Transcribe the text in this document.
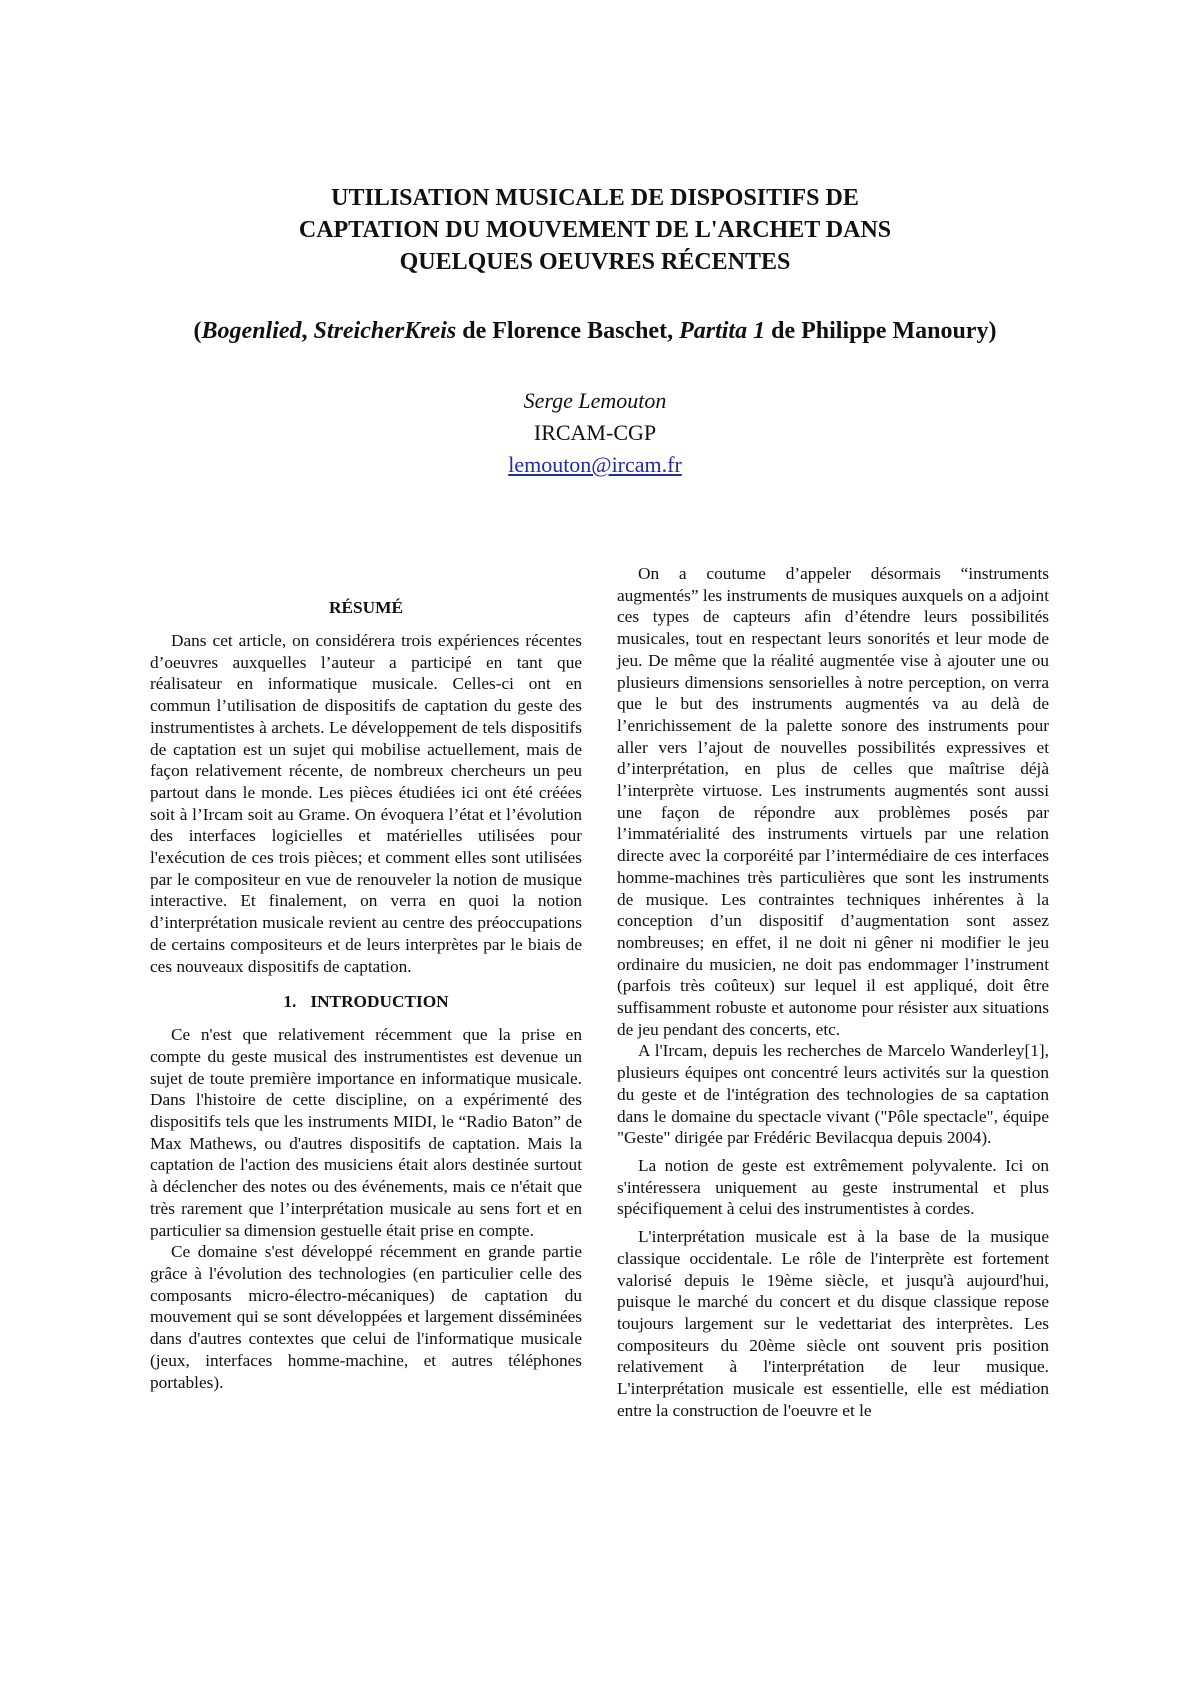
UTILISATION MUSICALE DE DISPOSITIFS DE
CAPTATION DU MOUVEMENT DE L'ARCHET DANS
QUELQUES OEUVRES RÉCENTES
(Bogenlied, StreicherKreis de Florence Baschet, Partita 1 de Philippe Manoury)
Serge Lemouton
IRCAM-CGP
lemouton@ircam.fr
RÉSUMÉ

Dans cet article, on considérera trois expériences récentes d’oeuvres auxquelles l’auteur a participé en tant que réalisateur en informatique musicale. Celles-ci ont en commun l’utilisation de dispositifs de captation du geste des instrumentistes à archets. Le développement de tels dispositifs de captation est un sujet qui mobilise actuellement, mais de façon relativement récente, de nombreux chercheurs un peu partout dans le monde. Les pièces étudiées ici ont été créées soit à l’Ircam soit au Grame. On évoquera l’état et l’évolution des interfaces logicielles et matérielles utilisées pour l'exécution de ces trois pièces; et comment elles sont utilisées par le compositeur en vue de renouveler la notion de musique interactive. Et finalement, on verra en quoi la notion d’interprétation musicale revient au centre des préoccupations de certains compositeurs et de leurs interprètes par le biais de ces nouveaux dispositifs de captation.

1. INTRODUCTION

Ce n'est que relativement récemment que la prise en compte du geste musical des instrumentistes est devenue un sujet de toute première importance en informatique musicale. Dans l'histoire de cette discipline, on a expérimenté des dispositifs tels que les instruments MIDI, le “Radio Baton” de Max Mathews, ou d'autres dispositifs de captation. Mais la captation de l'action des musiciens était alors destinée surtout à déclencher des notes ou des événements, mais ce n'était que très rarement que l’interprétation musicale au sens fort et en particulier sa dimension gestuelle était prise en compte.

Ce domaine s'est développé récemment en grande partie grâce à l'évolution des technologies (en particulier celle des composants micro-électro-mécaniques) de captation du mouvement qui se sont développées et largement disséminées dans d'autres contextes que celui de l'informatique musicale (jeux, interfaces homme-machine, et autres téléphones portables).

On a coutume d’appeler désormais “instruments augmentés” les instruments de musiques auxquels on a adjoint ces types de capteurs afin d’étendre leurs possibilités musicales, tout en respectant leurs sonorités et leur mode de jeu. De même que la réalité augmentée vise à ajouter une ou plusieurs dimensions sensorielles à notre perception, on verra que le but des instruments augmentés va au delà de l’enrichissement de la palette sonore des instruments pour aller vers l’ajout de nouvelles possibilités expressives et d’interprétation, en plus de celles que maîtrise déjà l’interprète virtuose. Les instruments augmentés sont aussi une façon de répondre aux problèmes posés par l’immatérialité des instruments virtuels par une relation directe avec la corporéité par l’intermédiaire de ces interfaces homme-machines très particulières que sont les instruments de musique. Les contraintes techniques inhérentes à la conception d’un dispositif d’augmentation sont assez nombreuses; en effet, il ne doit ni gêner ni modifier le jeu ordinaire du musicien, ne doit pas endommager l’instrument (parfois très coûteux) sur lequel il est appliqué, doit être suffisamment robuste et autonome pour résister aux situations de jeu pendant des concerts, etc.

A l'Ircam, depuis les recherches de Marcelo Wanderley[1], plusieurs équipes ont concentré leurs activités sur la question du geste et de l'intégration des technologies de sa captation dans le domaine du spectacle vivant ("Pôle spectacle", équipe "Geste" dirigée par Frédéric Bevilacqua depuis 2004).

La notion de geste est extrêmement polyvalente. Ici on s'intéressera uniquement au geste instrumental et plus spécifiquement à celui des instrumentistes à cordes.

L'interprétation musicale est à la base de la musique classique occidentale. Le rôle de l'interprète est fortement valorisé depuis le 19ème siècle, et jusqu'à aujourd'hui, puisque le marché du concert et du disque classique repose toujours largement sur le vedettariat des interprètes. Les compositeurs du 20ème siècle ont souvent pris position relativement à l'interprétation de leur musique. L'interprétation musicale est essentielle, elle est médiation entre la construction de l'oeuvre et le
